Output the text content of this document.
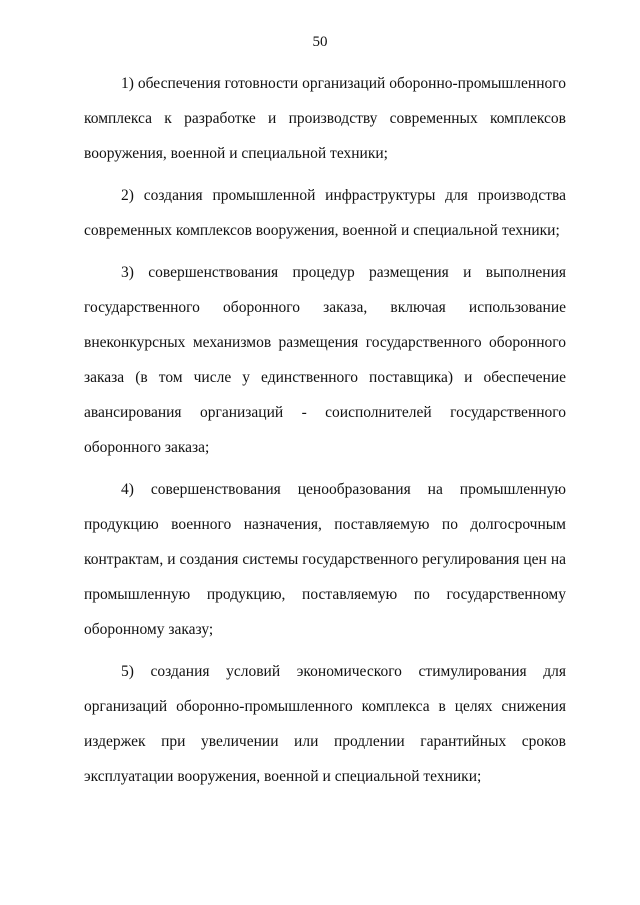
50

1) обеспечения готовности организаций оборонно-промышленного комплекса к разработке и производству современных комплексов вооружения, военной и специальной техники;

2) создания промышленной инфраструктуры для производства современных комплексов вооружения, военной и специальной техники;

3) совершенствования процедур размещения и выполнения государственного оборонного заказа, включая использование внеконкурсных механизмов размещения государственного оборонного заказа (в том числе у единственного поставщика) и обеспечение авансирования организаций - соисполнителей государственного оборонного заказа;

4) совершенствования ценообразования на промышленную продукцию военного назначения, поставляемую по долгосрочным контрактам, и создания системы государственного регулирования цен на промышленную продукцию, поставляемую по государственному оборонному заказу;

5) создания условий экономического стимулирования для организаций оборонно-промышленного комплекса в целях снижения издержек при увеличении или продлении гарантийных сроков эксплуатации вооружения, военной и специальной техники;
